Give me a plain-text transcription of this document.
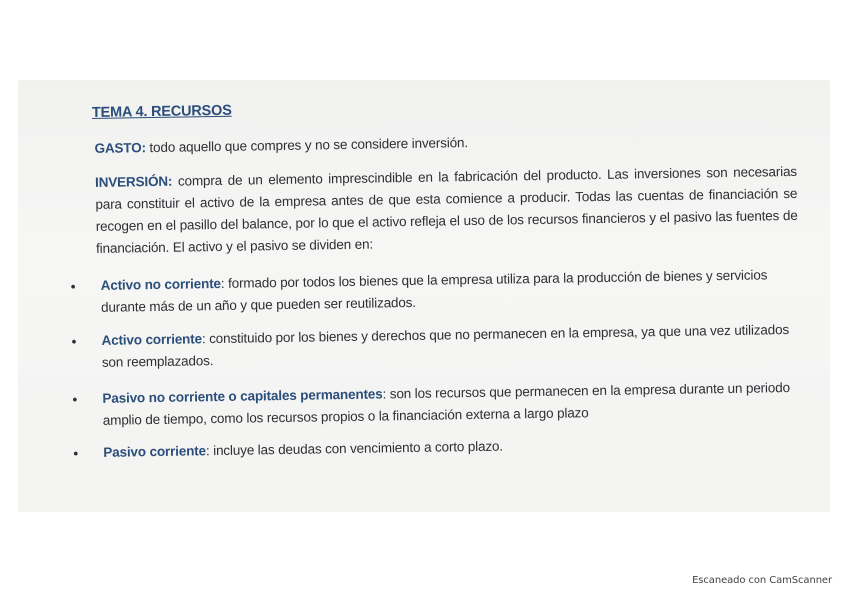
TEMA 4. RECURSOS
GASTO: todo aquello que compres y no se considere inversión.
INVERSIÓN: compra de un elemento imprescindible en la fabricación del producto. Las inversiones son necesarias para constituir el activo de la empresa antes de que esta comience a producir. Todas las cuentas de financiación se recogen en el pasillo del balance, por lo que el activo refleja el uso de los recursos financieros y el pasivo las fuentes de financiación. El activo y el pasivo se dividen en:
• Activo no corriente: formado por todos los bienes que la empresa utiliza para la producción de bienes y servicios durante más de un año y que pueden ser reutilizados.
• Activo corriente: constituido por los bienes y derechos que no permanecen en la empresa, ya que una vez utilizados son reemplazados.
• Pasivo no corriente o capitales permanentes: son los recursos que permanecen en la empresa durante un periodo amplio de tiempo, como los recursos propios o la financiación externa a largo plazo
• Pasivo corriente: incluye las deudas con vencimiento a corto plazo.
Escaneado con CamScanner
